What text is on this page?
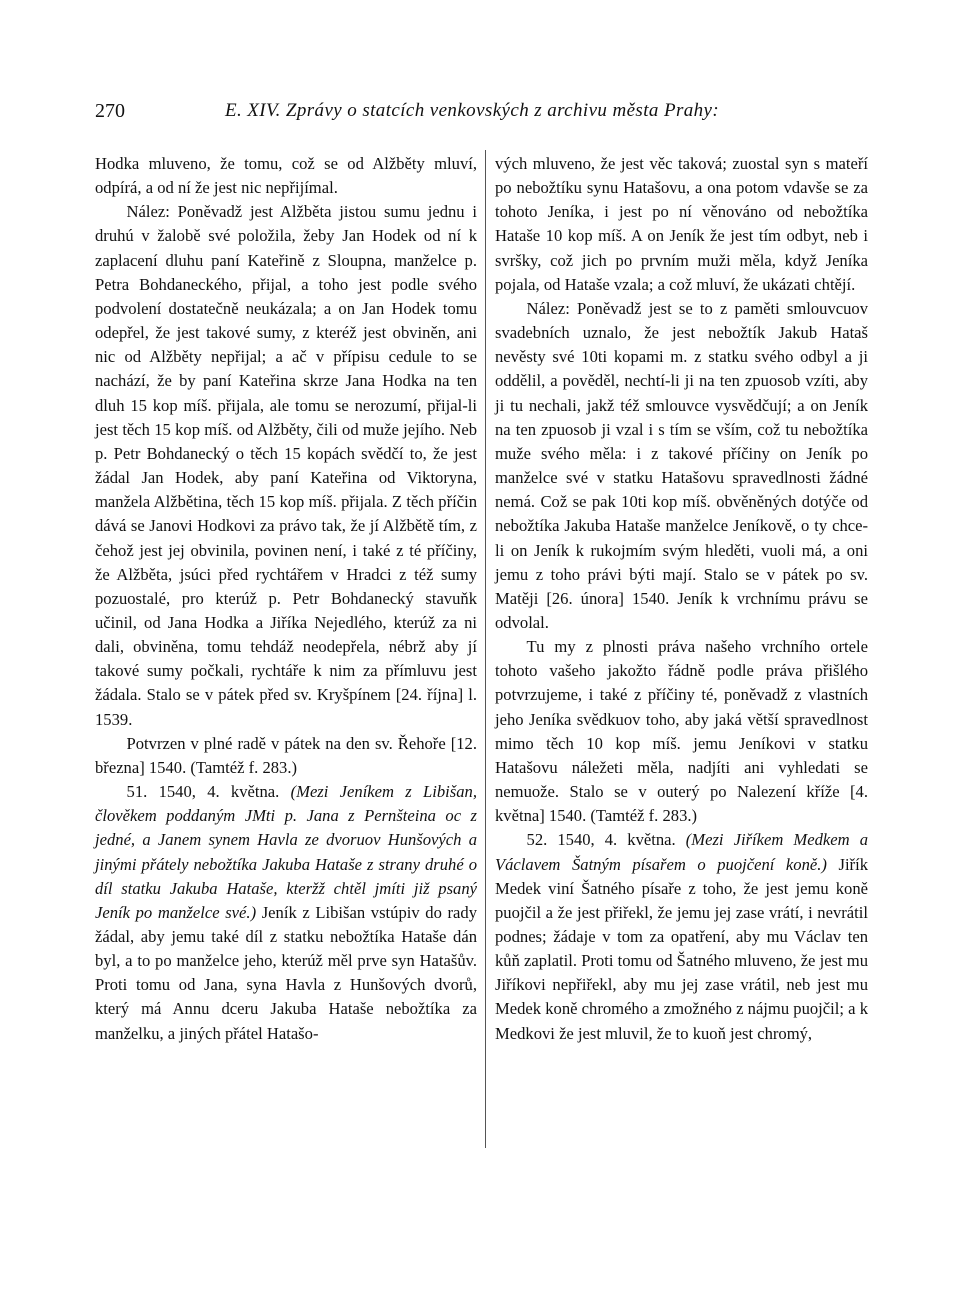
270	E. XIV. Zprávy o statcích venkovských z archivu města Prahy:

Hodka mluveno, že tomu, což se od Alžběty mluví, odpírá, a od ní že jest nic nepřijímal.

Nález: Poněvadž jest Alžběta jistou sumu jednu i druhú v žalobě své položila, žeby Jan Hodek od ní k zaplacení dluhu paní Kateřině z Sloupna, manželce p. Petra Bohdaneckého, přijal, a toho jest podle svého podvolení dostatečně neukázala; a on Jan Hodek tomu odepřel, že jest takové sumy, z kteréž jest obviněn, ani nic od Alžběty nepřijal; a ač v přípisu cedule to se nachází, že by paní Kateřina skrze Jana Hodka na ten dluh 15 kop míš. přijala, ale tomu se nerozumí, přijal-li jest těch 15 kop míš. od Alžběty, čili od muže jejího. Neb p. Petr Bohdanecký o těch 15 kopách svědčí to, že jest žádal Jan Hodek, aby paní Kateřina od Viktoryna, manžela Alžbětina, těch 15 kop míš. přijala. Z těch příčin dává se Janovi Hodkovi za právo tak, že jí Alžbětě tím, z čehož jest jej obvinila, povinen není, i také z té příčiny, že Alžběta, jsúci před rychtářem v Hradci z též sumy pozuostalé, pro kterúž p. Petr Bohdanecký stavuňk učinil, od Jana Hodka a Jiříka Nejedlého, kterúž za ni dali, obviněna, tomu tehdáž neodepřela, nébrž aby jí takové sumy počkali, rychtáře k nim za přímluvu jest žádala. Stalo se v pátek před sv. Kryšpínem [24. října] l. 1539.

Potvrzen v plné radě v pátek na den sv. Řehoře [12. března] 1540. (Tamtéž f. 283.)

51. 1540, 4. května. (Mezi Jeníkem z Libišan, člověkem poddaným JMti p. Jana z Pernšteina oc z jedné, a Janem synem Havla ze dvoruov Hunšových a jinými přátely nebožtíka Jakuba Hataše z strany druhé o díl statku Jakuba Hataše, kteržž chtěl jmíti již psaný Jeník po manželce své.) Jeník z Libišan vstúpiv do rady žádal, aby jemu také díl z statku nebožtíka Hataše dán byl, a to po manželce jeho, kterúž měl prve syn Hatašův. Proti tomu od Jana, syna Havla z Hunšových dvorů, který má Annu dceru Jakuba Hataše nebožtíka za manželku, a jiných přátel Hatašo-

vých mluveno, že jest věc taková; zuostal syn s mateří po nebožtíku synu Hatašovu, a ona potom vdavše se za tohoto Jeníka, i jest po ní věnováno od nebožtíka Hataše 10 kop míš. A on Jeník že jest tím odbyt, neb i svršky, což jich po prvním muži měla, když Jeníka pojala, od Hataše vzala; a což mluví, že ukázati chtějí.

Nález: Poněvadž jest se to z paměti smlouvcuov svadebních uznalo, že jest nebožtík Jakub Hataš nevěsty své 10ti kopami m. z statku svého odbyl a ji oddělil, a pověděl, nechtí-li ji na ten zpuosob vzíti, aby ji tu nechali, jakž též smlouvce vysvědčují; a on Jeník na ten zpuosob ji vzal i s tím se vším, což tu nebožtíka muže svého měla: i z takové příčiny on Jeník po manželce své v statku Hatašovu spravedlnosti žádné nemá. Což se pak 10ti kop míš. obvěněných dotýče od nebožtíka Jakuba Hataše manželce Jeníkově, o ty chce-li on Jeník k rukojmím svým hleděti, vuoli má, a oni jemu z toho právi býti mají. Stalo se v pátek po sv. Matěji [26. února] 1540. Jeník k vrchnímu právu se odvolal.

Tu my z plnosti práva našeho vrchního ortele tohoto vašeho jakožto řádně podle práva přišlého potvrzujeme, i také z příčiny té, poněvadž z vlastních jeho Jeníka svědkuov toho, aby jaká větší spravedlnost mimo těch 10 kop míš. jemu Jeníkovi v statku Hatašovu náležeti měla, nadjíti ani vyhledati se nemuože. Stalo se v outerý po Nalezení kříže [4. května] 1540. (Tamtéž f. 283.)

52. 1540, 4. května. (Mezi Jiříkem Medkem a Václavem Šatným písařem o puojčení koně.) Jiřík Medek viní Šatného písaře z toho, že jest jemu koně puojčil a že jest přiřekl, že jemu jej zase vrátí, i nevrátil podnes; žádaje v tom za opatření, aby mu Václav ten kůň zaplatil. Proti tomu od Šatného mluveno, že jest mu Jiříkovi nepřiřekl, aby mu jej zase vrátil, neb jest mu Medek koně chromého a zmožného z nájmu puojčil; a k Medkovi že jest mluvil, že to kuoň jest chromý,
